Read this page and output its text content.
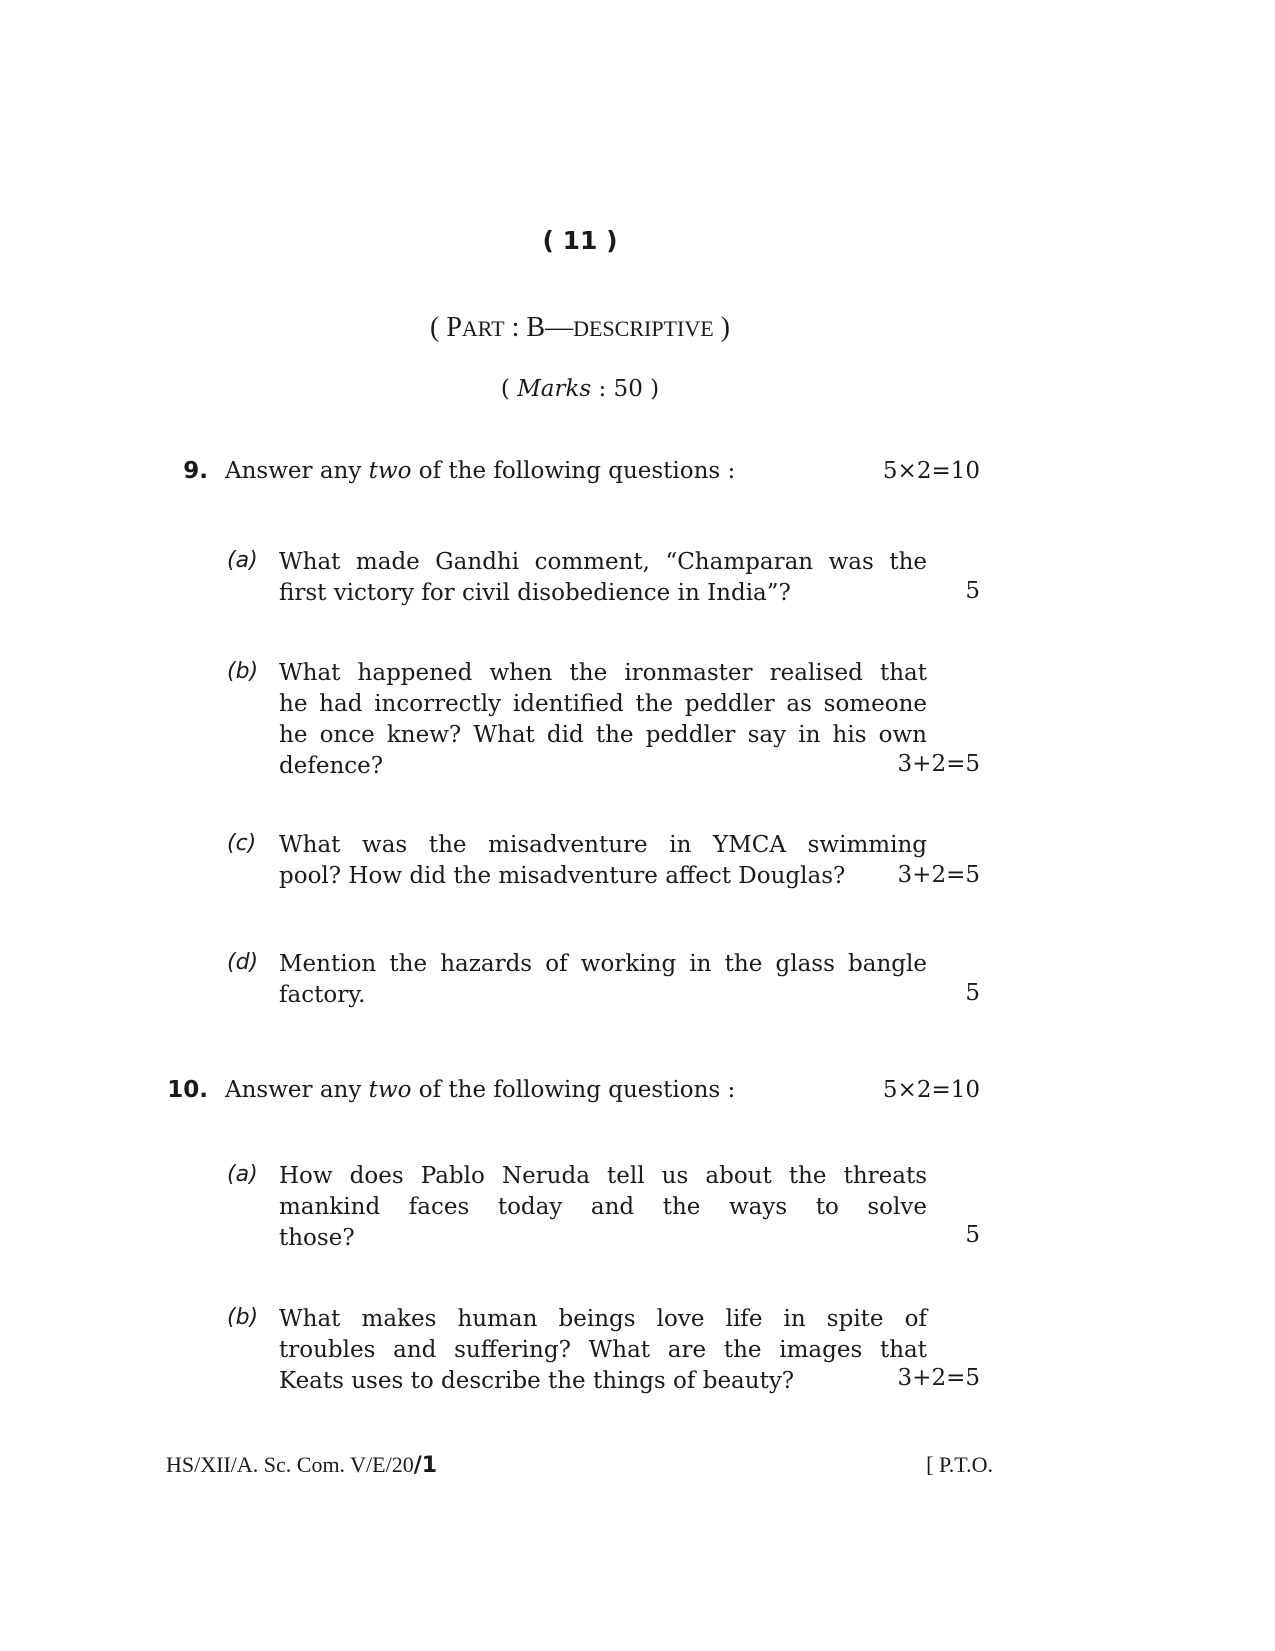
( 11 )
( PART : B—DESCRIPTIVE )
( Marks : 50 )
9. Answer any two of the following questions :	5×2=10
(a) What made Gandhi comment, “Champaran was the
first victory for civil disobedience in India”?	5
(b) What happened when the ironmaster realised that
he had incorrectly identified the peddler as someone
he once knew? What did the peddler say in his own
defence?	3+2=5
(c) What was the misadventure in YMCA swimming
pool? How did the misadventure affect Douglas?	3+2=5
(d) Mention the hazards of working in the glass bangle
factory.	5
10. Answer any two of the following questions :	5×2=10
(a) How does Pablo Neruda tell us about the threats
mankind faces today and the ways to solve
those?	5
(b) What makes human beings love life in spite of
troubles and suffering? What are the images that
Keats uses to describe the things of beauty?	3+2=5
HS/XII/A. Sc. Com. V/E/20/1	[ P.T.O.
